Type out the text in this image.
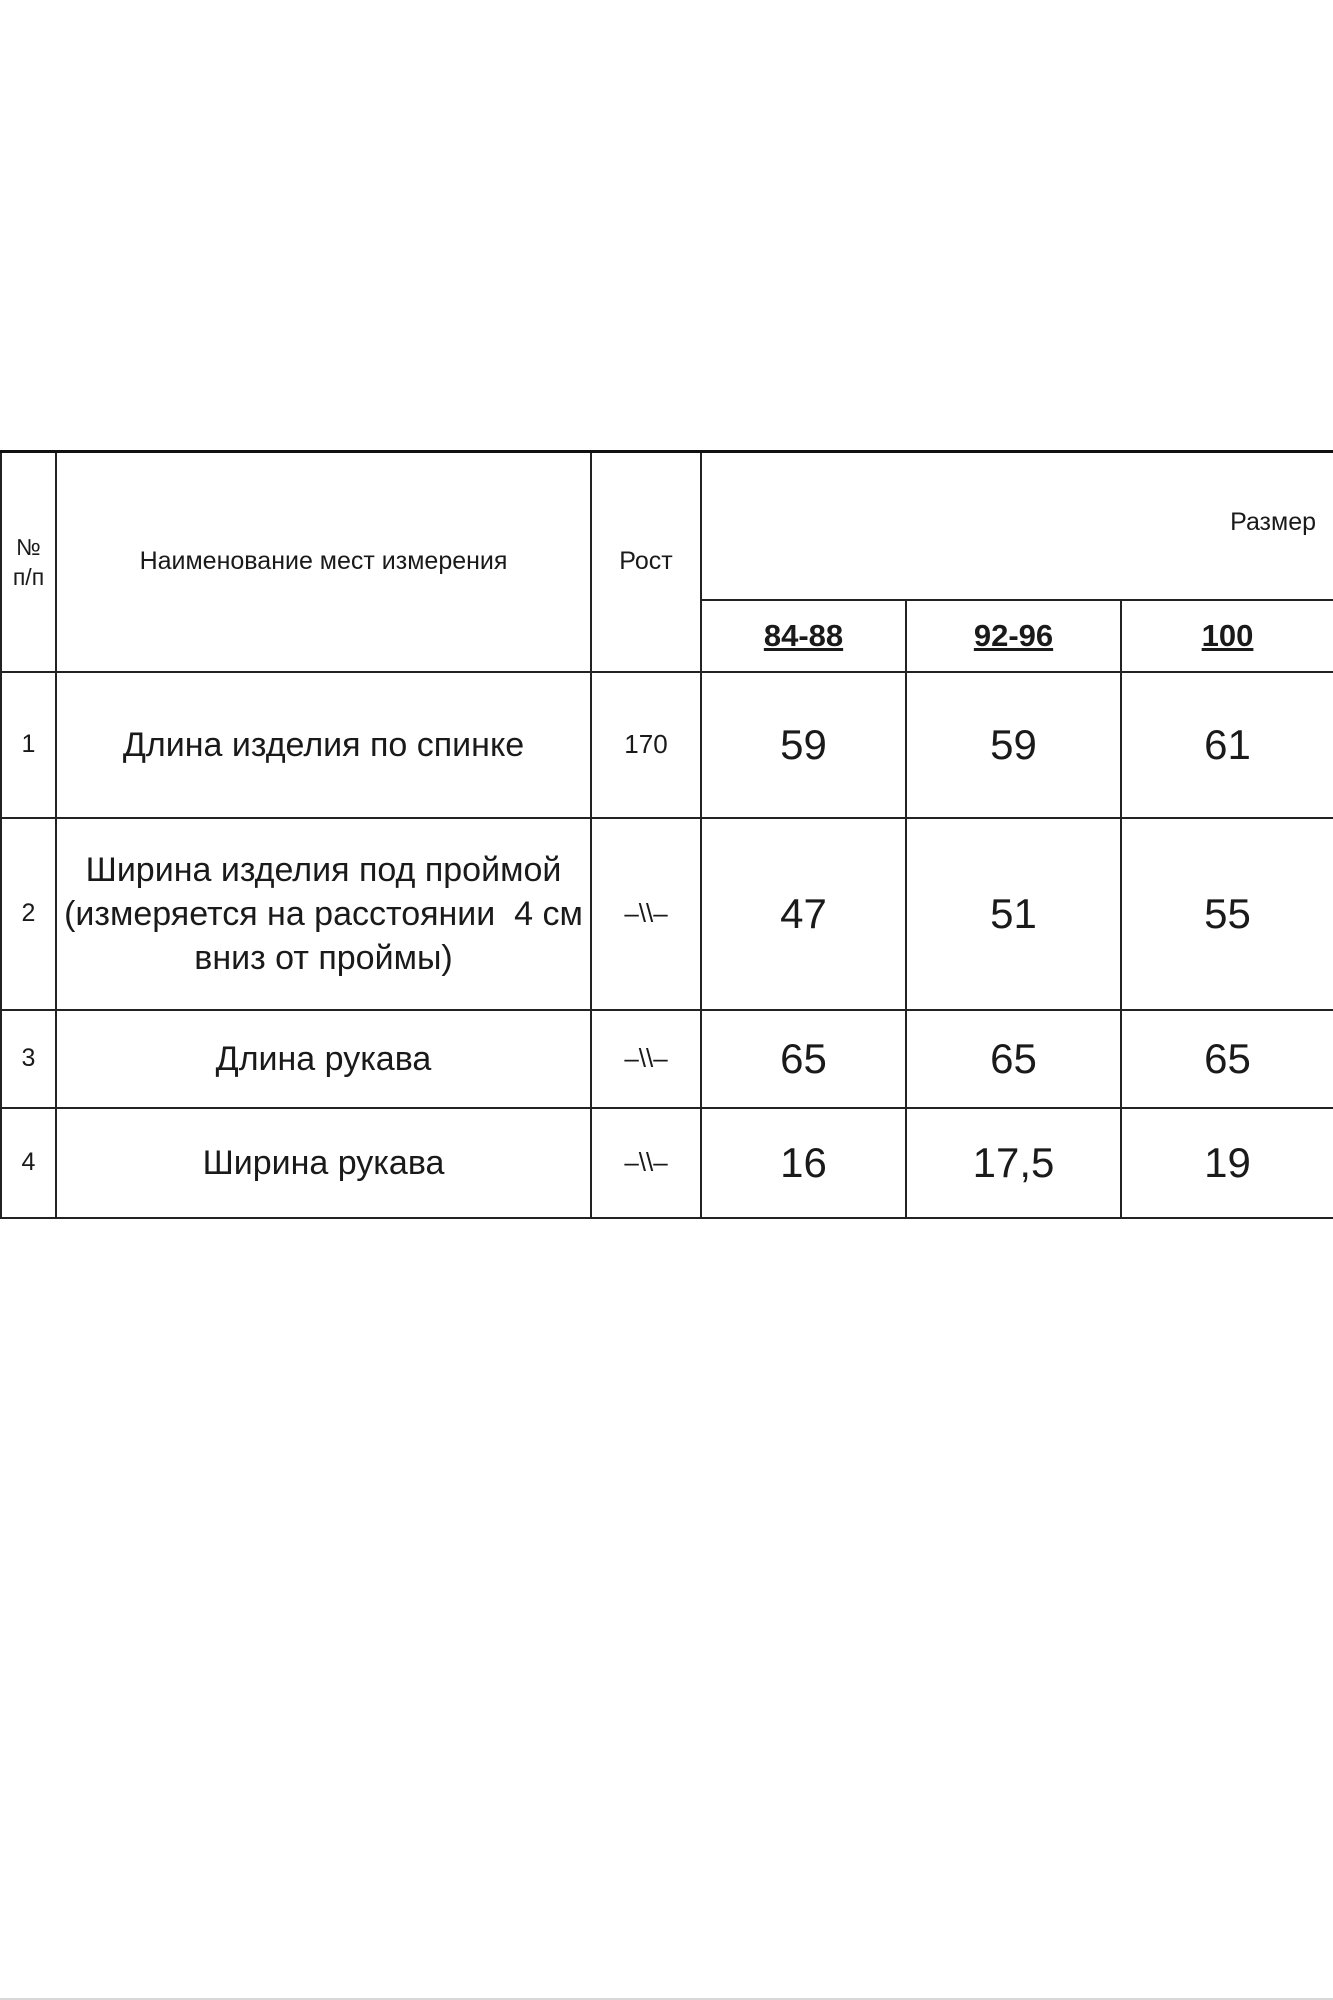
№
п/п	Наименование мест измерения	Рост	Размер		
			84-88	92-96	100
1	Длина изделия по спинке	170	59	59	61
2	Ширина изделия под проймой
(измеряется на расстоянии  4 см
вниз от проймы)	–\\–	47	51	55
3	Длина рукава	–\\–	65	65	65
4	Ширина рукава	–\\–	16	17,5	19
